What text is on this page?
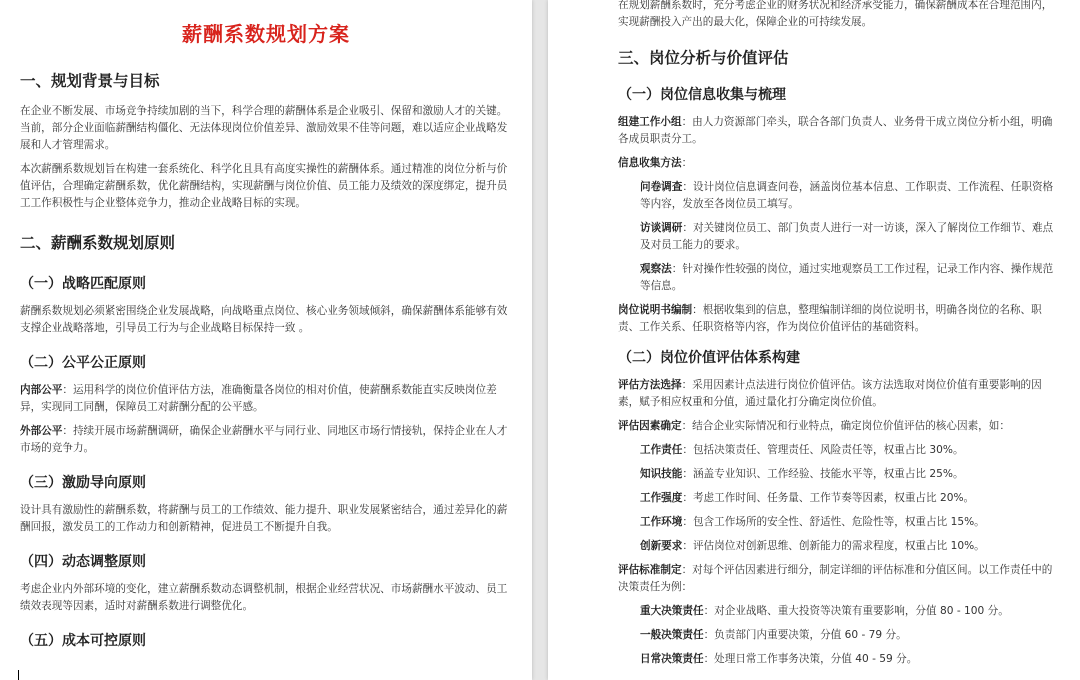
薪酬系数规划方案
一、规划背景与目标

在企业不断发展、市场竞争持续加剧的当下，科学合理的薪酬体系是企业吸引、保留和激励人才的关键。当前，部分企业面临薪酬结构僵化、无法体现岗位价值差异、激励效果不佳等问题，难以适应企业战略发展和人才管理需求。

本次薪酬系数规划旨在构建一套系统化、科学化且具有高度实操性的薪酬体系。通过精准的岗位分析与价值评估，合理确定薪酬系数，优化薪酬结构，实现薪酬与岗位价值、员工能力及绩效的深度绑定，提升员工工作积极性与企业整体竞争力，推动企业战略目标的实现。

二、薪酬系数规划原则
（一）战略匹配原则

薪酬系数规划必须紧密围绕企业发展战略，向战略重点岗位、核心业务领域倾斜，确保薪酬体系能够有效支撑企业战略落地，引导员工行为与企业战略目标保持一致 。

（二）公平公正原则

内部公平：运用科学的岗位价值评估方法，准确衡量各岗位的相对价值，使薪酬系数能直实反映岗位差异，实现同工同酬，保障员工对薪酬分配的公平感。

外部公平：持续开展市场薪酬调研，确保企业薪酬水平与同行业、同地区市场行情接轨，保持企业在人才市场的竞争力。

（三）激励导向原则

设计具有激励性的薪酬系数，将薪酬与员工的工作绩效、能力提升、职业发展紧密结合，通过差异化的薪酬回报，激发员工的工作动力和创新精神，促进员工不断提升自我。

（四）动态调整原则

考虑企业内外部环境的变化，建立薪酬系数动态调整机制，根据企业经营状况、市场薪酬水平波动、员工绩效表现等因素，适时对薪酬系数进行调整优化。

（五）成本可控原则

在规划薪酬系数时，充分考虑企业的财务状况和经济承受能力，确保薪酬成本在合理范围内，实现薪酬投入产出的最大化，保障企业的可持续发展。

三、岗位分析与价值评估
（一）岗位信息收集与梳理

组建工作小组：由人力资源部门牵头，联合各部门负责人、业务骨干成立岗位分析小组，明确各成员职责分工。

信息收集方法：

问卷调查：设计岗位信息调查问卷，涵盖岗位基本信息、工作职责、工作流程、任职资格等内容，发放至各岗位员工填写。

访谈调研：对关键岗位员工、部门负责人进行一对一访谈，深入了解岗位工作细节、难点及对员工能力的要求。

观察法：针对操作性较强的岗位，通过实地观察员工工作过程，记录工作内容、操作规范等信息。

岗位说明书编制：根据收集到的信息，整理编制详细的岗位说明书，明确各岗位的名称、职责、工作关系、任职资格等内容，作为岗位价值评估的基础资料。

（二）岗位价值评估体系构建

评估方法选择：采用因素计点法进行岗位价值评估。该方法选取对岗位价值有重要影响的因素，赋予相应权重和分值，通过量化打分确定岗位价值。

评估因素确定：结合企业实际情况和行业特点，确定岗位价值评估的核心因素，如：

工作责任：包括决策责任、管理责任、风险责任等，权重占比 30%。

知识技能：涵盖专业知识、工作经验、技能水平等，权重占比 25%。

工作强度：考虑工作时间、任务量、工作节奏等因素，权重占比 20%。

工作环境：包含工作场所的安全性、舒适性、危险性等，权重占比 15%。

创新要求：评估岗位对创新思维、创新能力的需求程度，权重占比 10%。

评估标准制定：对每个评估因素进行细分，制定详细的评估标准和分值区间。以工作责任中的决策责任为例：

重大决策责任：对企业战略、重大投资等决策有重要影响，分值 80 - 100 分。

一般决策责任：负责部门内重要决策，分值 60 - 79 分。

日常决策责任：处理日常工作事务决策，分值 40 - 59 分。
